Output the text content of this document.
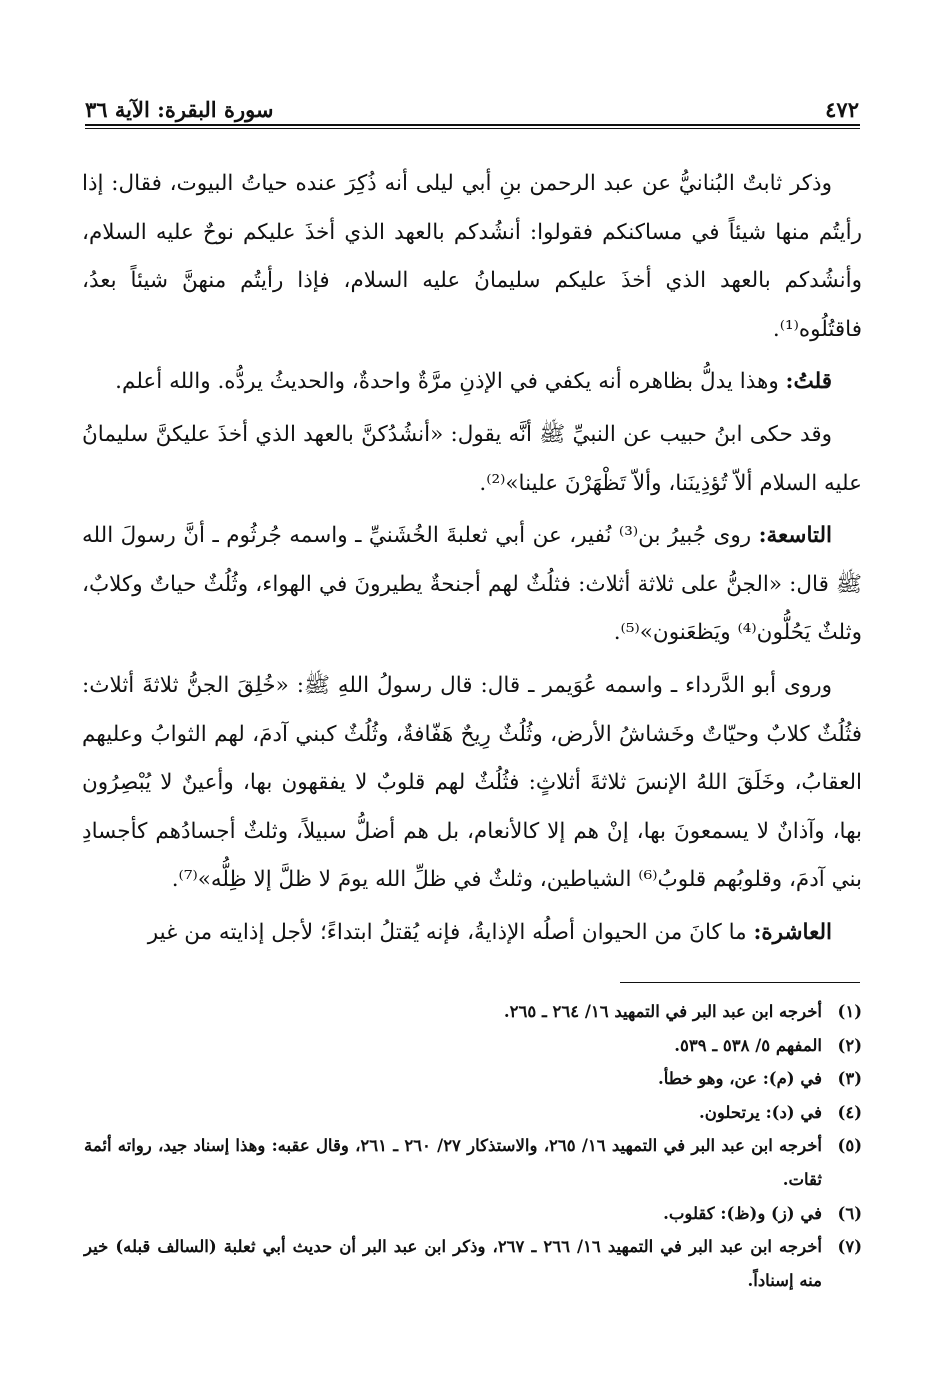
٤٧٢
سورة البقرة: الآية ٣٦

وذكر ثابتٌ البُنانيُّ عن عبد الرحمن بنِ أبي ليلى أنه ذُكِرَ عنده حياتُ البيوت، فقال: إذا رأيتُم منها شيئاً في مساكنكم فقولوا: أنشُدكم بالعهد الذي أخذَ عليكم نوحٌ عليه السلام، وأنشُدكم بالعهد الذي أخذَ عليكم سليمانُ عليه السلام، فإذا رأيتُم منهنَّ شيئاً بعدُ، فاقتُلُوه⁽¹⁾.

قلتُ: وهذا يدلُّ بظاهره أنه يكفي في الإذنِ مرَّةٌ واحدةٌ، والحديثُ يردُّه. والله أعلم.

وقد حكى ابنُ حبيب عن النبيِّ ﷺ أنَّه يقول: «أنشُدُكنَّ بالعهد الذي أخذَ عليكنَّ سليمانُ عليه السلام ألاّ تُؤذِينَنا، وألاّ تَظْهَرْنَ علينا»⁽²⁾.

التاسعة: روى جُبيرُ بن⁽³⁾ نُفير، عن أبي ثعلبةَ الخُشَنيِّ ـ واسمه جُرثُوم ـ أنَّ رسولَ الله ﷺ قال: «الجنُّ على ثلاثة أثلاث: فثلُثٌ لهم أجنحةٌ يطيرونَ في الهواء، وثُلُثٌ حياتٌ وكلابٌ، وثلثٌ يَحُلُّون⁽⁴⁾ ويَظعَنون»⁽⁵⁾.

وروى أبو الدَّرداء ـ واسمه عُوَيمر ـ قال: قال رسولُ اللهِ ﷺ: «خُلِقَ الجنُّ ثلاثةَ أثلاث: فثُلُثٌ كلابٌ وحيّاتٌ وخَشاشُ الأرض، وثُلُثٌ رِيحٌ هَفّافةٌ، وثُلُثٌ كبني آدمَ، لهم الثوابُ وعليهم العقابُ، وخَلَقَ اللهُ الإنسَ ثلاثةَ أثلاثٍ: فثُلُثٌ لهم قلوبٌ لا يفقهون بها، وأعينٌ لا يُبْصِرُون بها، وآذانٌ لا يسمعونَ بها، إنْ هم إلا كالأنعام، بل هم أضلُّ سبيلاً، وثلثٌ أجسادُهم كأجسادِ بني آدمَ، وقلوبُهم قلوبُ⁽⁶⁾ الشياطين، وثلثٌ في ظلِّ الله يومَ لا ظلَّ إلا ظِلُّه»⁽⁷⁾.

العاشرة: ما كانَ من الحيوان أصلُه الإذايةُ، فإنه يُقتلُ ابتداءً؛ لأجل إذايته من غير

(١)
أخرجه ابن عبد البر في التمهيد ١٦/ ٢٦٤ ـ ٢٦٥.
(٢)
المفهم ٥/ ٥٣٨ ـ ٥٣٩.
(٣)
في (م): عن، وهو خطأ.
(٤)
في (د): يرتحلون.
(٥)
أخرجه ابن عبد البر في التمهيد ١٦/ ٢٦٥، والاستذكار ٢٧/ ٢٦٠ ـ ٢٦١، وقال عقبه: وهذا إسناد جيد، رواته أئمة ثقات.
(٦)
في (ز) و(ظ): كقلوب.
(٧)
أخرجه ابن عبد البر في التمهيد ١٦/ ٢٦٦ ـ ٢٦٧، وذكر ابن عبد البر أن حديث أبي ثعلبة (السالف قبله) خير منه إسناداً.
